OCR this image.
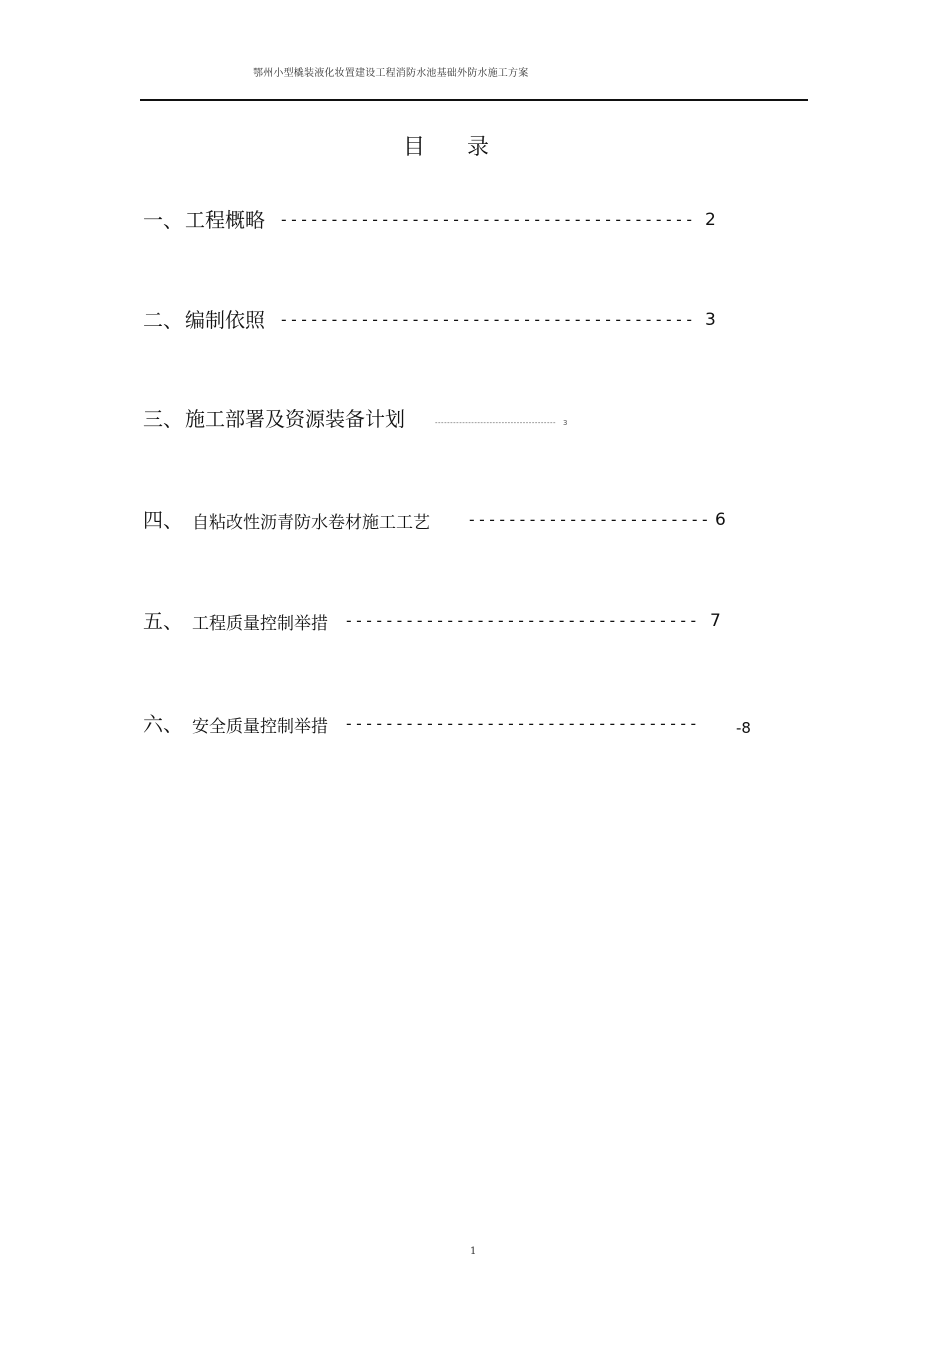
鄂州小型橇装液化妆置建设工程消防水池基础外防水施工方案
目录
一、 工程概略 ----------------------------------------- 2
二、 编制依照 ----------------------------------------- 3
三、 施工部署及资源装备计划	---------------------------------------- 3
四、 自粘改性沥青防水卷材施工工艺 ------------------------ 6
五、 工程质量控制举措 ----------------------------------- 7
六、 安全质量控制举措 -----------------------------------	-8
1
